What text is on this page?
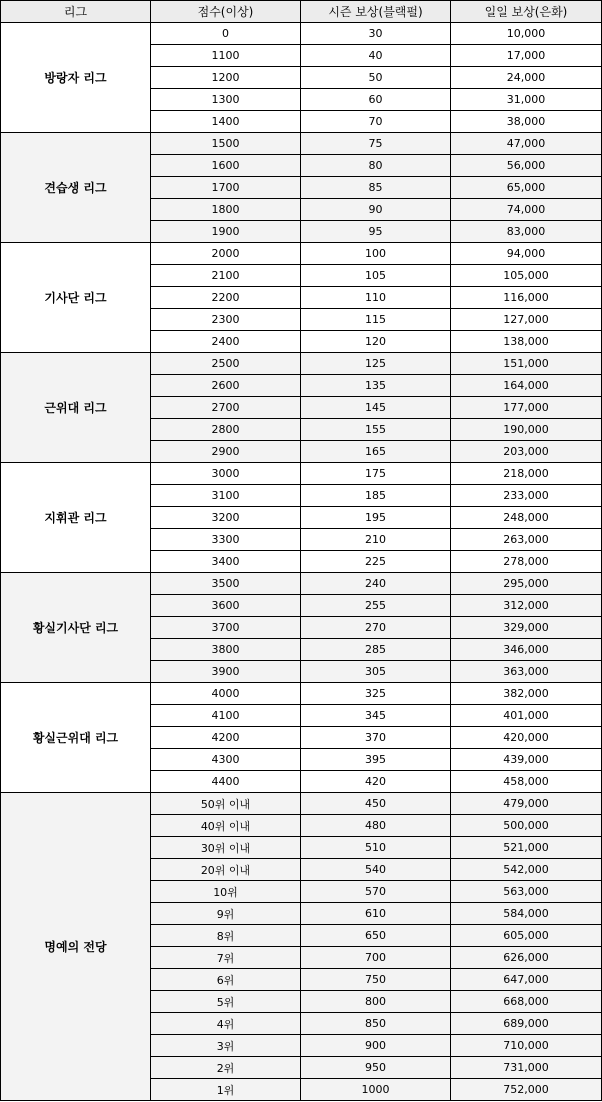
리그	점수(이상)	시즌 보상(블랙펄)	일일 보상(은화)
방랑자 리그	0	30	10,000
	1100	40	17,000
	1200	50	24,000
	1300	60	31,000
	1400	70	38,000
견습생 리그	1500	75	47,000
	1600	80	56,000
	1700	85	65,000
	1800	90	74,000
	1900	95	83,000
기사단 리그	2000	100	94,000
	2100	105	105,000
	2200	110	116,000
	2300	115	127,000
	2400	120	138,000
근위대 리그	2500	125	151,000
	2600	135	164,000
	2700	145	177,000
	2800	155	190,000
	2900	165	203,000
지휘관 리그	3000	175	218,000
	3100	185	233,000
	3200	195	248,000
	3300	210	263,000
	3400	225	278,000
황실기사단 리그	3500	240	295,000
	3600	255	312,000
	3700	270	329,000
	3800	285	346,000
	3900	305	363,000
황실근위대 리그	4000	325	382,000
	4100	345	401,000
	4200	370	420,000
	4300	395	439,000
	4400	420	458,000
명예의 전당	50위 이내	450	479,000
	40위 이내	480	500,000
	30위 이내	510	521,000
	20위 이내	540	542,000
	10위	570	563,000
	9위	610	584,000
	8위	650	605,000
	7위	700	626,000
	6위	750	647,000
	5위	800	668,000
	4위	850	689,000
	3위	900	710,000
	2위	950	731,000
	1위	1000	752,000
